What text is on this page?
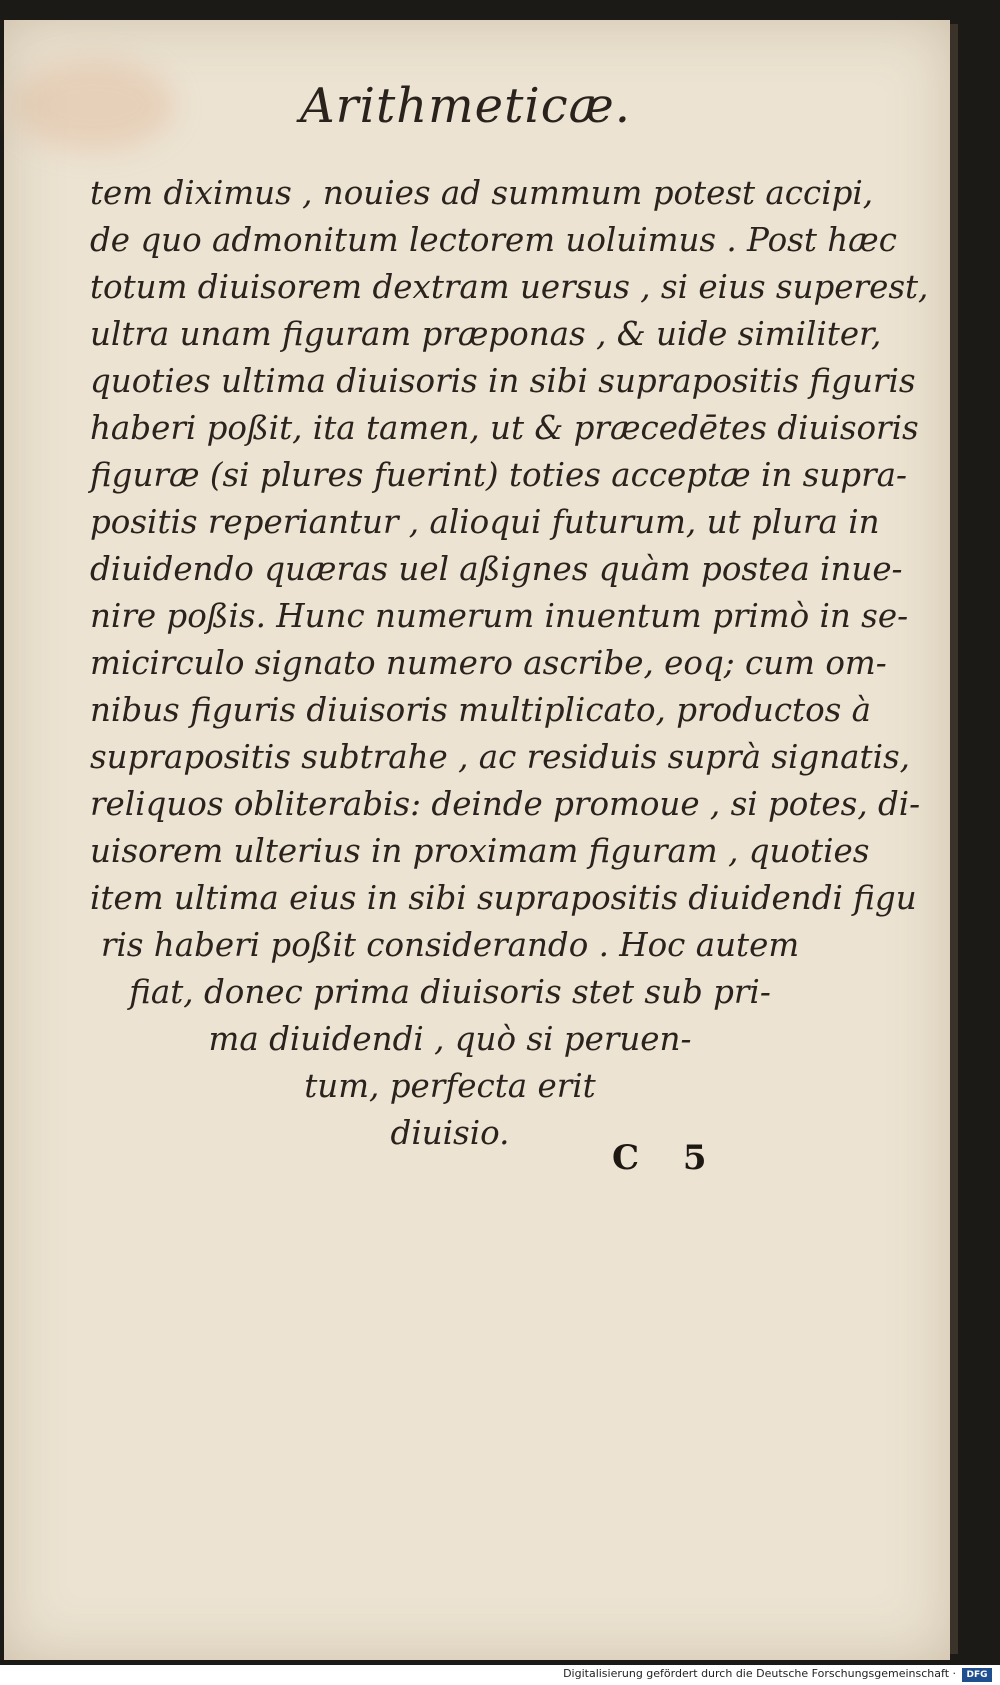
Arithmeticæ.
tem diximus , nouies ad summum potest accipi,
de quo admonitum lectorem uoluimus . Post hæc
totum diuisorem dextram uersus , si eius superest,
ultra unam figuram præponas , & uide similiter,
quoties ultima diuisoris in sibi suprapositis figuris
haberi poßit, ita tamen, ut & præcedētes diuisoris
figuræ (si plures fuerint) toties acceptæ in supra-
positis reperiantur , alioqui futurum, ut plura in
diuidendo quæras uel aßignes quàm postea inue-
nire poßis. Hunc numerum inuentum primò in se-
micirculo signato numero ascribe, eoq; cum om-
nibus figuris diuisoris multiplicato, productos à
suprapositis subtrahe , ac residuis suprà signatis,
reliquos obliterabis: deinde promoue , si potes, di-
uisorem ulterius in proximam figuram , quoties
item ultima eius in sibi suprapositis diuidendi figu
ris haberi poßit considerando . Hoc autem
fiat, donec prima diuisoris stet sub pri-
ma diuidendi , quò si peruen-
tum, perfecta erit
diuisio.
C 5
Digitalisierung gefördert durch die Deutsche Forschungsgemeinschaft ·	DFG
